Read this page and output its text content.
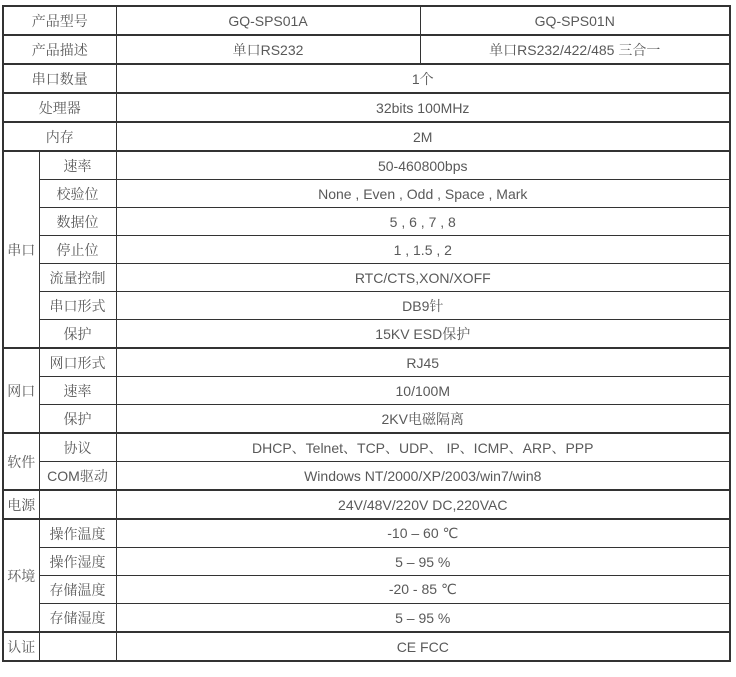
产品型号		GQ-SPS01A	GQ-SPS01N
产品描述		单口RS232	单口RS232/422/485 三合一
串口数量		1个	
处理器		32bits 100MHz	
内存		2M	
串口	速率	50-460800bps	
	校验位	None , Even , Odd , Space , Mark	
	数据位	5 , 6 , 7 , 8	
	停止位	1 , 1.5 , 2	
	流量控制	RTC/CTS,XON/XOFF	
	串口形式	DB9针	
	保护	15KV ESD保护	
网口	网口形式	RJ45	
	速率	10/100M	
	保护	2KV电磁隔离	
软件	协议	DHCP、Telnet、TCP、UDP、 IP、ICMP、ARP、PPP	
	COM驱动	Windows NT/2000/XP/2003/win7/win8	
电源		24V/48V/220V DC,220VAC	
环境	操作温度	-10 – 60 ℃	
	操作湿度	5 – 95 %	
	存储温度	-20 - 85 ℃	
	存储湿度	5 – 95 %	
认证		CE FCC	
